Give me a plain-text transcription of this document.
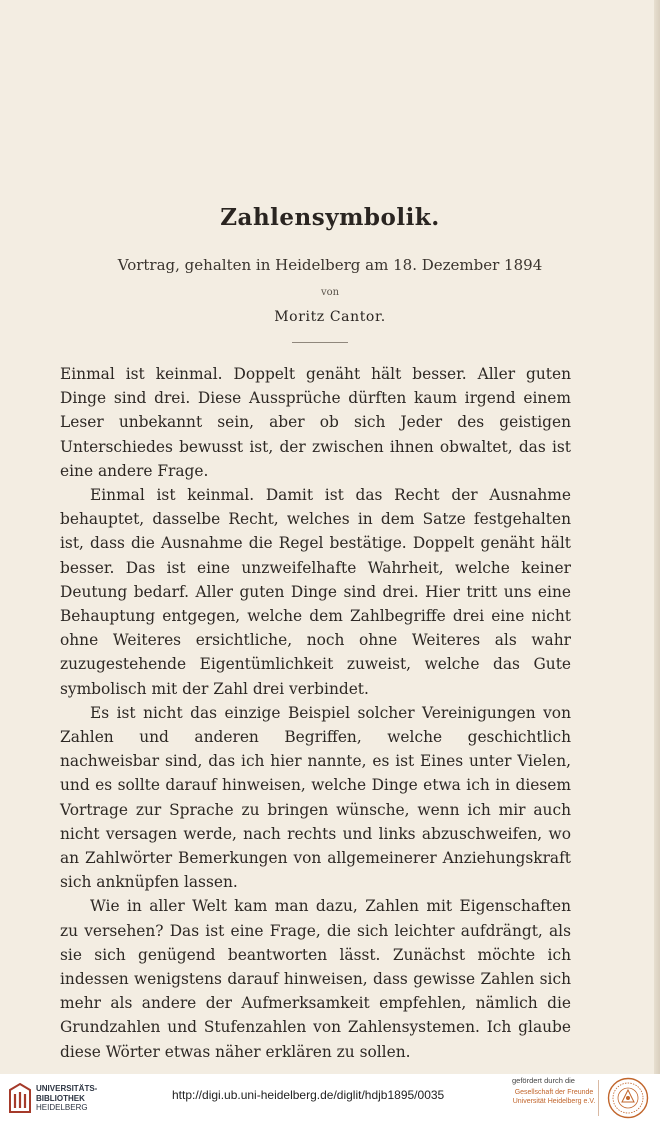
Zahlensymbolik.
Vortrag, gehalten in Heidelberg am 18. Dezember 1894
von
Moritz Cantor.

Einmal ist keinmal. Doppelt genäht hält besser. Aller guten Dinge sind drei. Diese Aussprüche dürften kaum irgend einem Leser unbekannt sein, aber ob sich Jeder des geistigen Unterschiedes bewusst ist, der zwischen ihnen obwaltet, das ist eine andere Frage.

Einmal ist keinmal. Damit ist das Recht der Ausnahme behauptet, dasselbe Recht, welches in dem Satze festgehalten ist, dass die Ausnahme die Regel bestätige. Doppelt genäht hält besser. Das ist eine unzweifelhafte Wahrheit, welche keiner Deutung bedarf. Aller guten Dinge sind drei. Hier tritt uns eine Behauptung entgegen, welche dem Zahlbegriffe drei eine nicht ohne Weiteres ersichtliche, noch ohne Weiteres als wahr zuzugestehende Eigentümlichkeit zuweist, welche das Gute symbolisch mit der Zahl drei verbindet.

Es ist nicht das einzige Beispiel solcher Vereinigungen von Zahlen und anderen Begriffen, welche geschichtlich nachweisbar sind, das ich hier nannte, es ist Eines unter Vielen, und es sollte darauf hinweisen, welche Dinge etwa ich in diesem Vortrage zur Sprache zu bringen wünsche, wenn ich mir auch nicht versagen werde, nach rechts und links abzuschweifen, wo an Zahlwörter Bemerkungen von allgemeinerer Anziehungskraft sich anknüpfen lassen.

Wie in aller Welt kam man dazu, Zahlen mit Eigenschaften zu versehen? Das ist eine Frage, die sich leichter aufdrängt, als sie sich genügend beantworten lässt. Zunächst möchte ich indessen wenigstens darauf hinweisen, dass gewisse Zahlen sich mehr als andere der Aufmerksamkeit empfehlen, nämlich die Grundzahlen und Stufenzahlen von Zahlensystemen. Ich glaube diese Wörter etwas näher erklären zu sollen.

UNIVERSITÄTS-
BIBLIOTHEK
HEIDELBERG
http://digi.ub.uni-heidelberg.de/diglit/hdjb1895/0035
gefördert durch die
Gesellschaft der Freunde
Universität Heidelberg e.V.
